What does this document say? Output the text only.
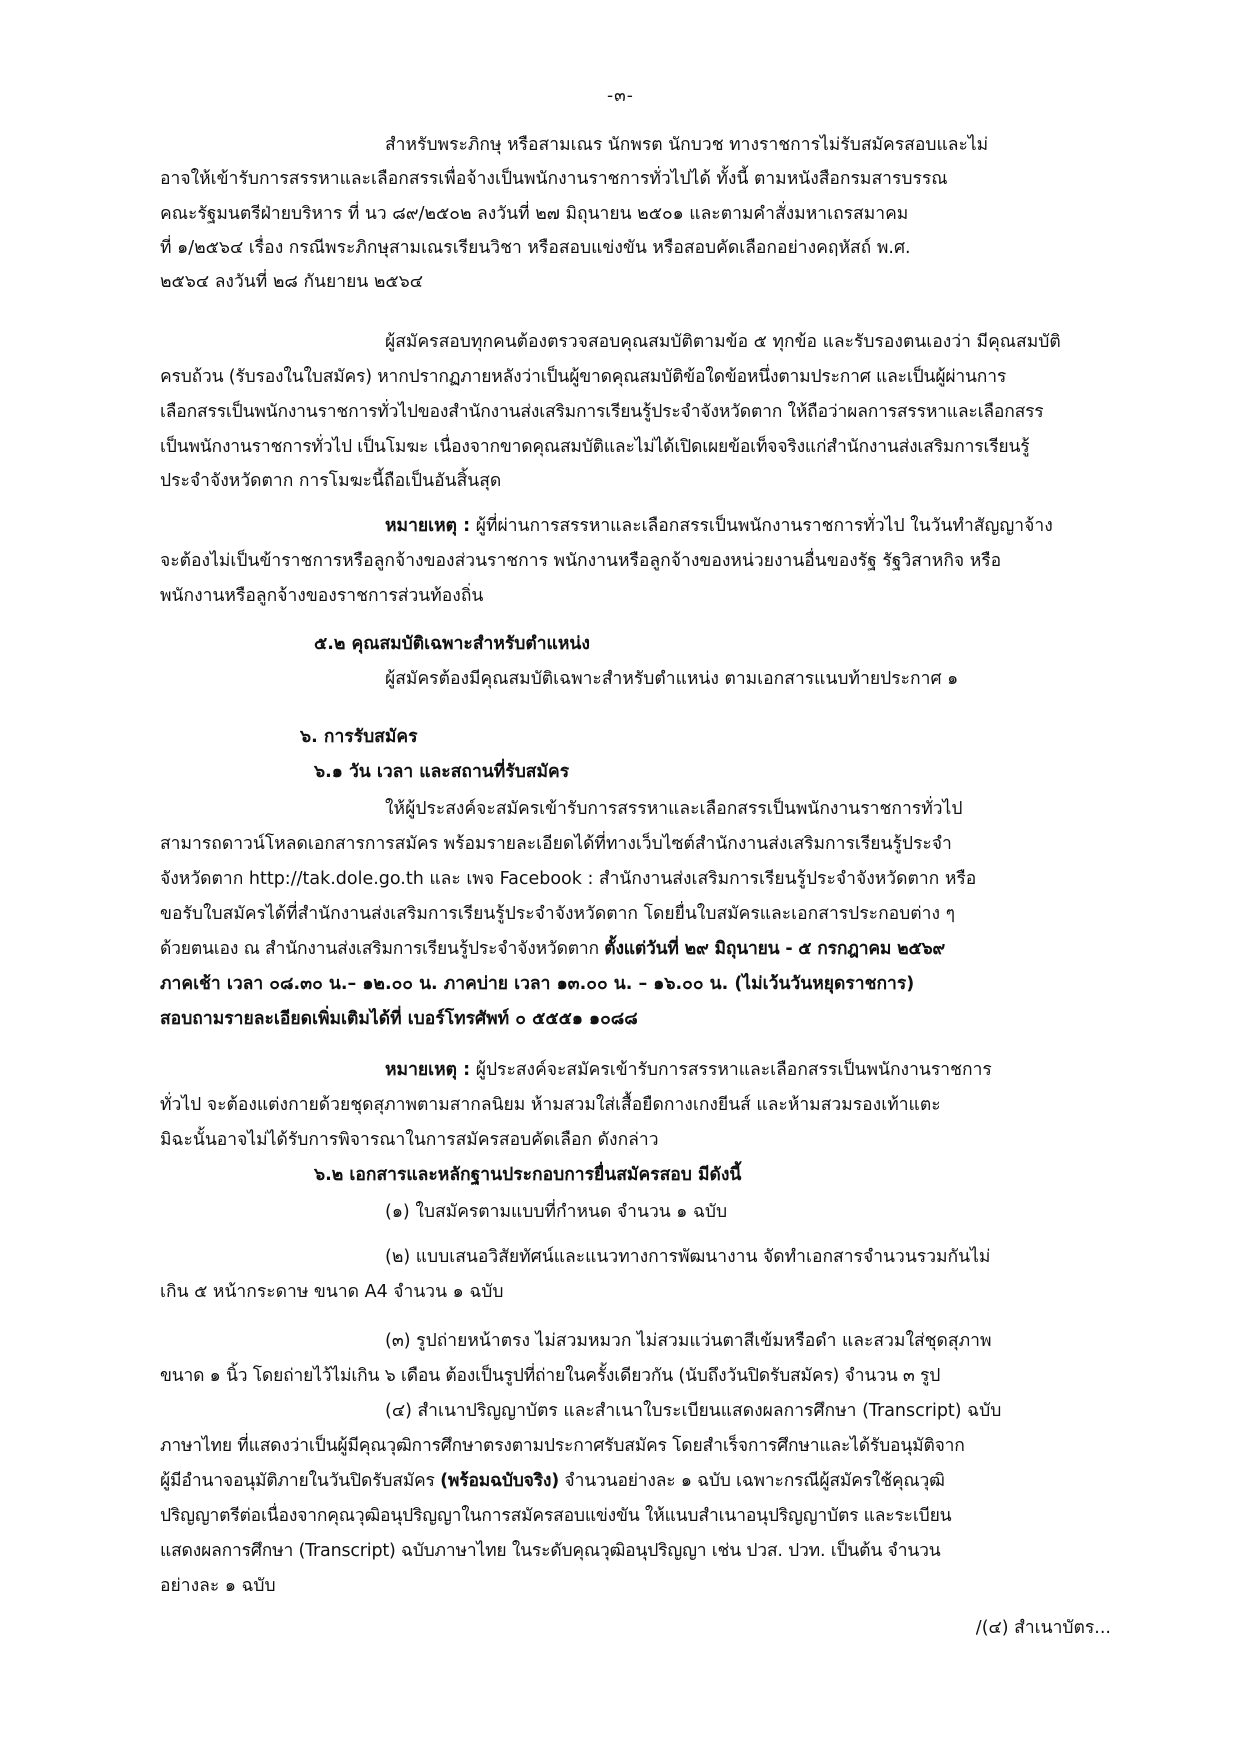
-๓-
สำหรับพระภิกษุ หรือสามเณร นักพรต นักบวช ทางราชการไม่รับสมัครสอบและไม่
อาจให้เข้ารับการสรรหาและเลือกสรรเพื่อจ้างเป็นพนักงานราชการทั่วไปได้ ทั้งนี้ ตามหนังสือกรมสารบรรณ
คณะรัฐมนตรีฝ่ายบริหาร ที่ นว ๘๙/๒๕๐๒ ลงวันที่ ๒๗ มิถุนายน ๒๕๐๑ และตามคำสั่งมหาเถรสมาคม
ที่ ๑/๒๕๖๔ เรื่อง กรณีพระภิกษุสามเณรเรียนวิชา หรือสอบแข่งขัน หรือสอบคัดเลือกอย่างคฤหัสถ์ พ.ศ.
๒๕๖๔ ลงวันที่ ๒๘ กันยายน ๒๕๖๔
ผู้สมัครสอบทุกคนต้องตรวจสอบคุณสมบัติตามข้อ ๕ ทุกข้อ และรับรองตนเองว่า มีคุณสมบัติ
ครบถ้วน (รับรองในใบสมัคร) หากปรากฏภายหลังว่าเป็นผู้ขาดคุณสมบัติข้อใดข้อหนึ่งตามประกาศ และเป็นผู้ผ่านการ
เลือกสรรเป็นพนักงานราชการทั่วไปของสำนักงานส่งเสริมการเรียนรู้ประจำจังหวัดตาก ให้ถือว่าผลการสรรหาและเลือกสรร
เป็นพนักงานราชการทั่วไป เป็นโมฆะ เนื่องจากขาดคุณสมบัติและไม่ได้เปิดเผยข้อเท็จจริงแก่สำนักงานส่งเสริมการเรียนรู้
ประจำจังหวัดตาก การโมฆะนี้ถือเป็นอันสิ้นสุด
หมายเหตุ : ผู้ที่ผ่านการสรรหาและเลือกสรรเป็นพนักงานราชการทั่วไป ในวันทำสัญญาจ้าง
จะต้องไม่เป็นข้าราชการหรือลูกจ้างของส่วนราชการ พนักงานหรือลูกจ้างของหน่วยงานอื่นของรัฐ รัฐวิสาหกิจ หรือ
พนักงานหรือลูกจ้างของราชการส่วนท้องถิ่น
๕.๒ คุณสมบัติเฉพาะสำหรับตำแหน่ง
ผู้สมัครต้องมีคุณสมบัติเฉพาะสำหรับตำแหน่ง ตามเอกสารแนบท้ายประกาศ ๑
๖. การรับสมัคร
๖.๑ วัน เวลา และสถานที่รับสมัคร
ให้ผู้ประสงค์จะสมัครเข้ารับการสรรหาและเลือกสรรเป็นพนักงานราชการทั่วไป
สามารถดาวน์โหลดเอกสารการสมัคร พร้อมรายละเอียดได้ที่ทางเว็บไซต์สำนักงานส่งเสริมการเรียนรู้ประจำ
จังหวัดตาก http://tak.dole.go.th และ เพจ Facebook : สำนักงานส่งเสริมการเรียนรู้ประจำจังหวัดตาก หรือ
ขอรับใบสมัครได้ที่สำนักงานส่งเสริมการเรียนรู้ประจำจังหวัดตาก โดยยื่นใบสมัครและเอกสารประกอบต่าง ๆ
ด้วยตนเอง ณ สำนักงานส่งเสริมการเรียนรู้ประจำจังหวัดตาก ตั้งแต่วันที่ ๒๙ มิถุนายน - ๕ กรกฎาคม ๒๕๖๙
ภาคเช้า เวลา ๐๘.๓๐ น.– ๑๒.๐๐ น. ภาคบ่าย เวลา ๑๓.๐๐ น. – ๑๖.๐๐ น. (ไม่เว้นวันหยุดราชการ)
สอบถามรายละเอียดเพิ่มเติมได้ที่ เบอร์โทรศัพท์ ๐ ๕๕๕๑ ๑๐๘๘
หมายเหตุ : ผู้ประสงค์จะสมัครเข้ารับการสรรหาและเลือกสรรเป็นพนักงานราชการ
ทั่วไป จะต้องแต่งกายด้วยชุดสุภาพตามสากลนิยม ห้ามสวมใส่เสื้อยืดกางเกงยีนส์ และห้ามสวมรองเท้าแตะ
มิฉะนั้นอาจไม่ได้รับการพิจารณาในการสมัครสอบคัดเลือก ดังกล่าว
๖.๒ เอกสารและหลักฐานประกอบการยื่นสมัครสอบ มีดังนี้
(๑) ใบสมัครตามแบบที่กำหนด จำนวน ๑ ฉบับ
(๒) แบบเสนอวิสัยทัศน์และแนวทางการพัฒนางาน จัดทำเอกสารจำนวนรวมกันไม่
เกิน ๕ หน้ากระดาษ ขนาด A4 จำนวน ๑ ฉบับ
(๓) รูปถ่ายหน้าตรง ไม่สวมหมวก ไม่สวมแว่นตาสีเข้มหรือดำ และสวมใส่ชุดสุภาพ
ขนาด ๑ นิ้ว โดยถ่ายไว้ไม่เกิน ๖ เดือน ต้องเป็นรูปที่ถ่ายในครั้งเดียวกัน (นับถึงวันปิดรับสมัคร) จำนวน ๓ รูป
(๔) สำเนาปริญญาบัตร และสำเนาใบระเบียนแสดงผลการศึกษา (Transcript) ฉบับ
ภาษาไทย ที่แสดงว่าเป็นผู้มีคุณวุฒิการศึกษาตรงตามประกาศรับสมัคร โดยสำเร็จการศึกษาและได้รับอนุมัติจาก
ผู้มีอำนาจอนุมัติภายในวันปิดรับสมัคร (พร้อมฉบับจริง) จำนวนอย่างละ ๑ ฉบับ เฉพาะกรณีผู้สมัครใช้คุณวุฒิ
ปริญญาตรีต่อเนื่องจากคุณวุฒิอนุปริญญาในการสมัครสอบแข่งขัน ให้แนบสำเนาอนุปริญญาบัตร และระเบียน
แสดงผลการศึกษา (Transcript) ฉบับภาษาไทย ในระดับคุณวุฒิอนุปริญญา เช่น ปวส. ปวท. เป็นต้น จำนวน
อย่างละ ๑ ฉบับ
/(๔) สำเนาบัตร...
